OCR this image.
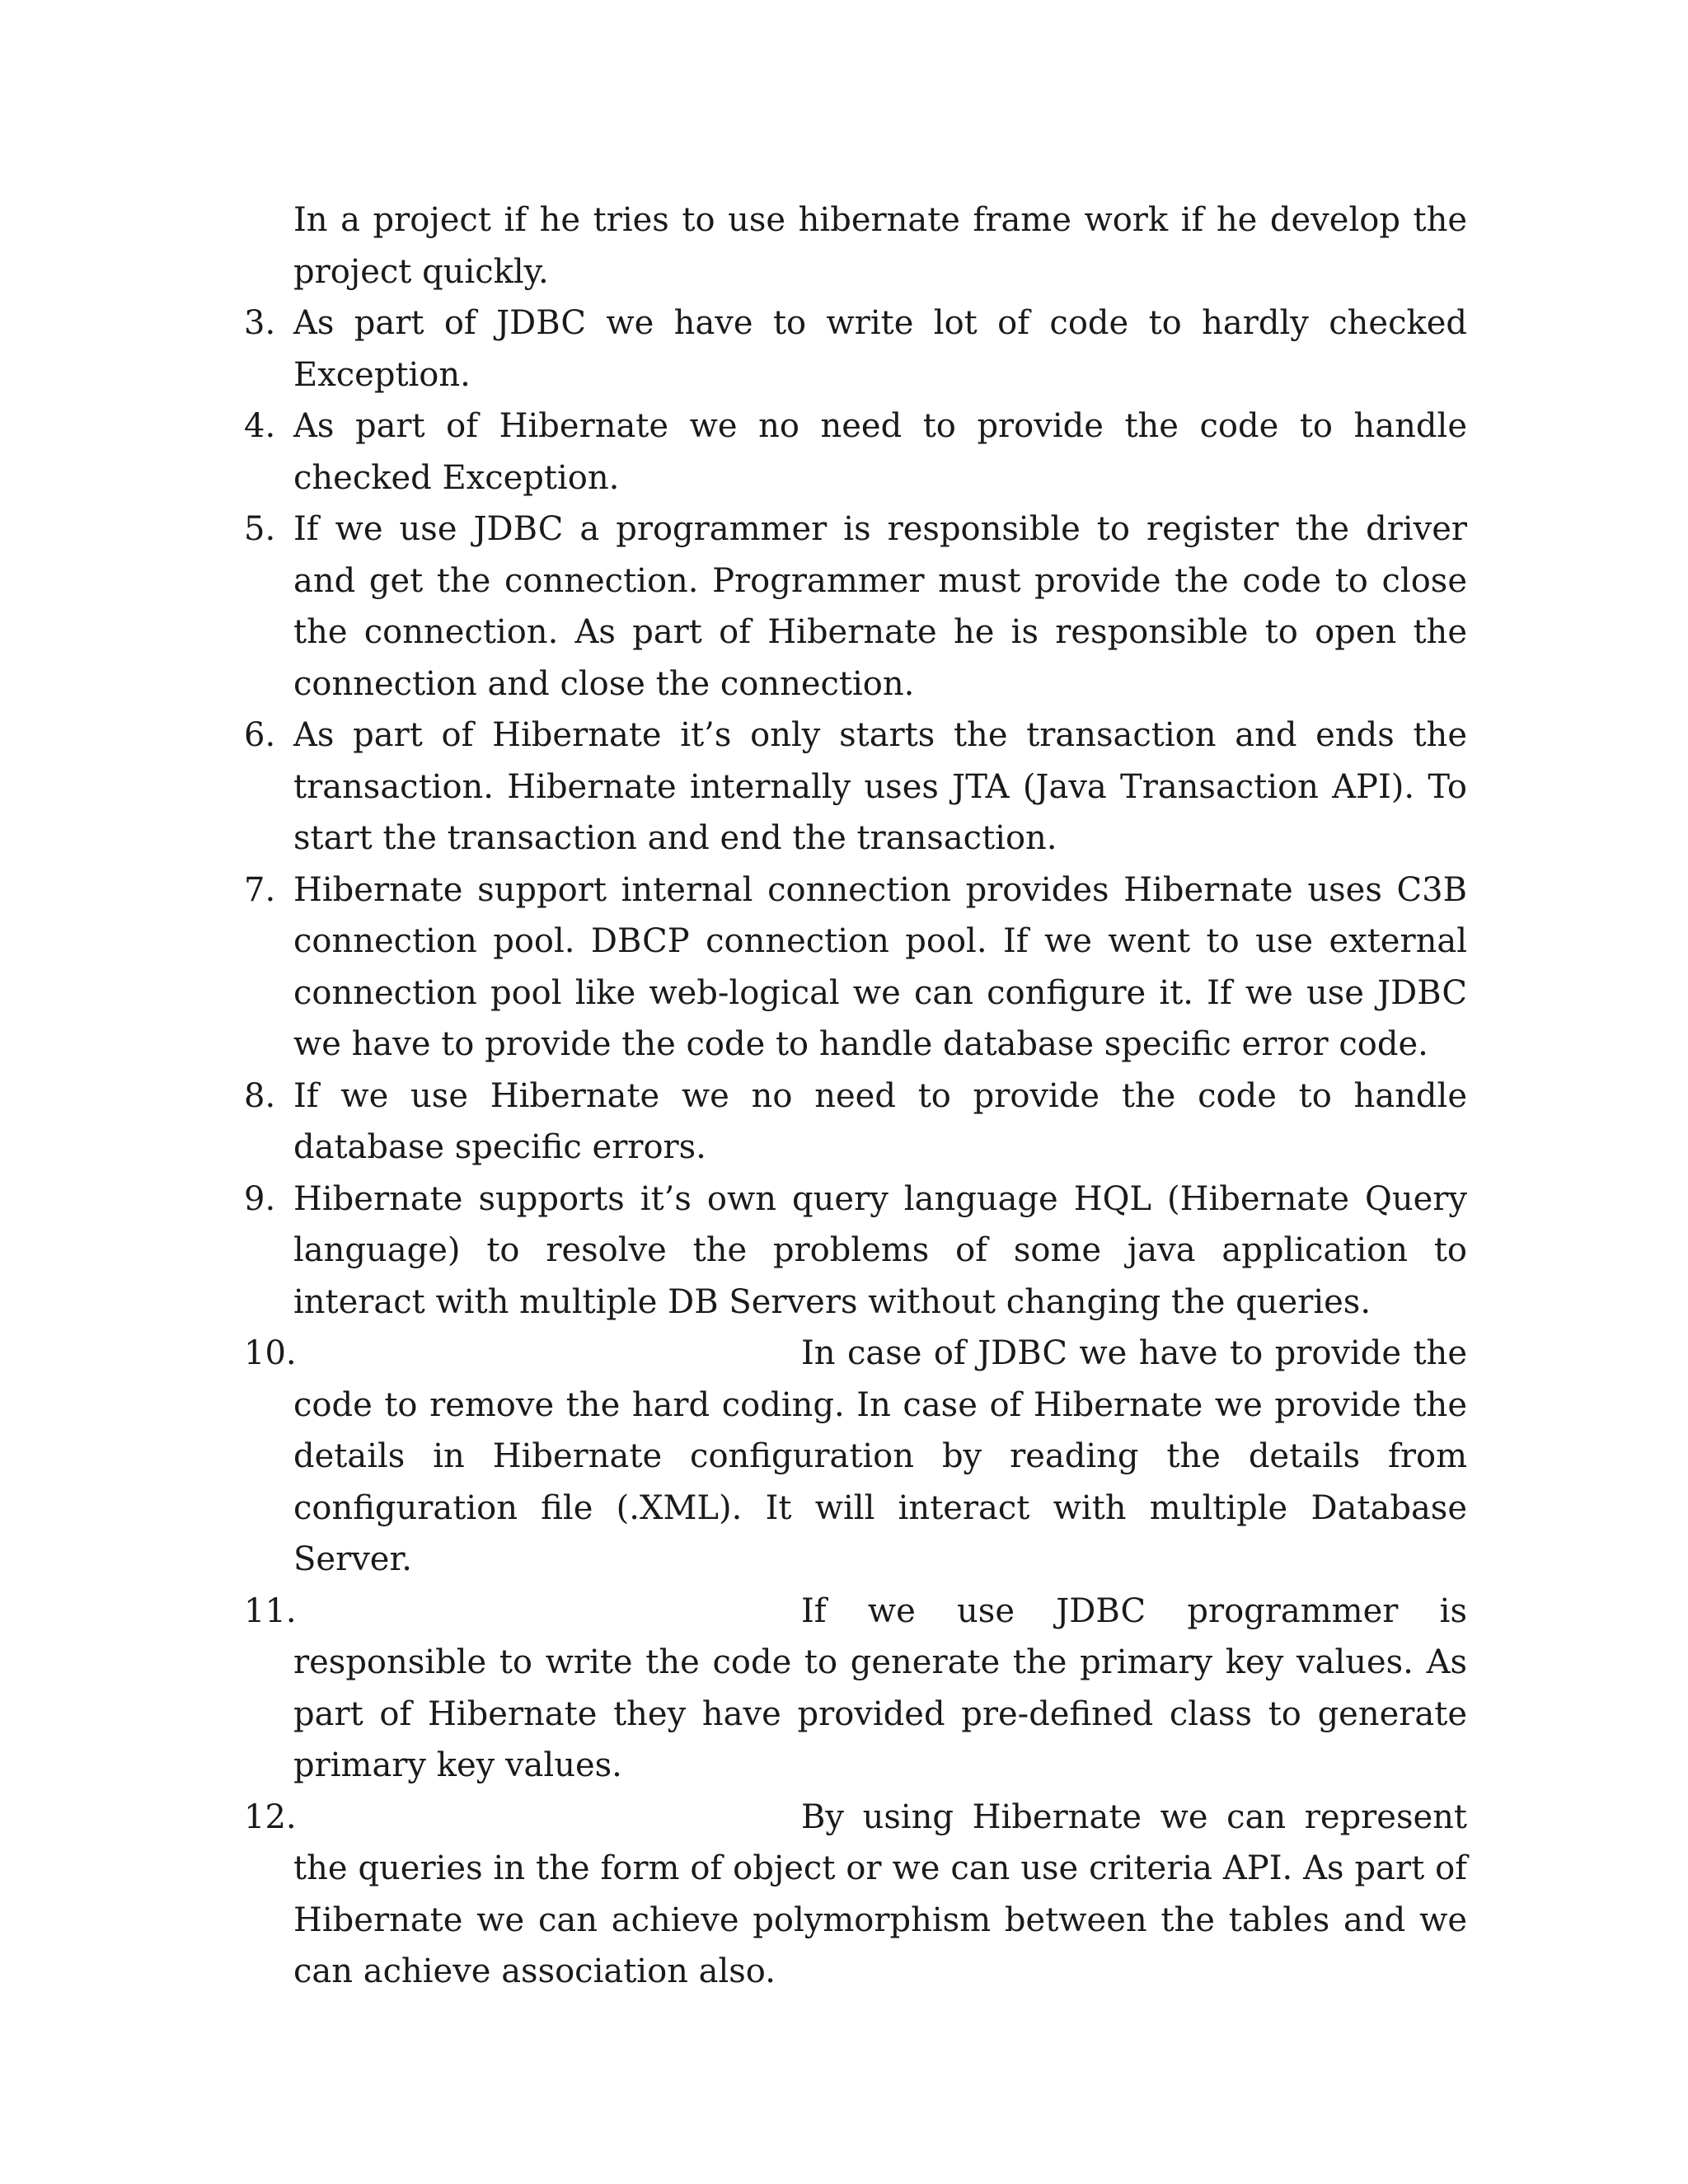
In a project if he tries to use hibernate frame work if he develop the project quickly.

3. As part of JDBC we have to write lot of code to hardly checked Exception.
4. As part of Hibernate we no need to provide the code to handle checked Exception.
5. If we use JDBC a programmer is responsible to register the driver and get the connection. Programmer must provide the code to close the connection. As part of Hibernate he is responsible to open the connection and close the connection.
6. As part of Hibernate it’s only starts the transaction and ends the transaction. Hibernate internally uses JTA (Java Transaction API). To start the transaction and end the transaction.
7. Hibernate support internal connection provides Hibernate uses C3B connection pool. DBCP connection pool. If we went to use external connection pool like web-logical we can configure it. If we use JDBC we have to provide the code to handle database specific error code.
8. If we use Hibernate we no need to provide the code to handle database specific errors.
9. Hibernate supports it’s own query language HQL (Hibernate Query language) to resolve the problems of some java application to interact with multiple DB Servers without changing the queries.
10.	In case of JDBC we have to provide the code to remove the hard coding. In case of Hibernate we provide the details in Hibernate configuration by reading the details from configuration file (.XML). It will interact with multiple Database Server.
11.	If we use JDBC programmer is responsible to write the code to generate the primary key values. As part of Hibernate they have provided pre-defined class to generate primary key values.
12.	By using Hibernate we can represent the queries in the form of object or we can use criteria API. As part of Hibernate we can achieve polymorphism between the tables and we can achieve association also.
